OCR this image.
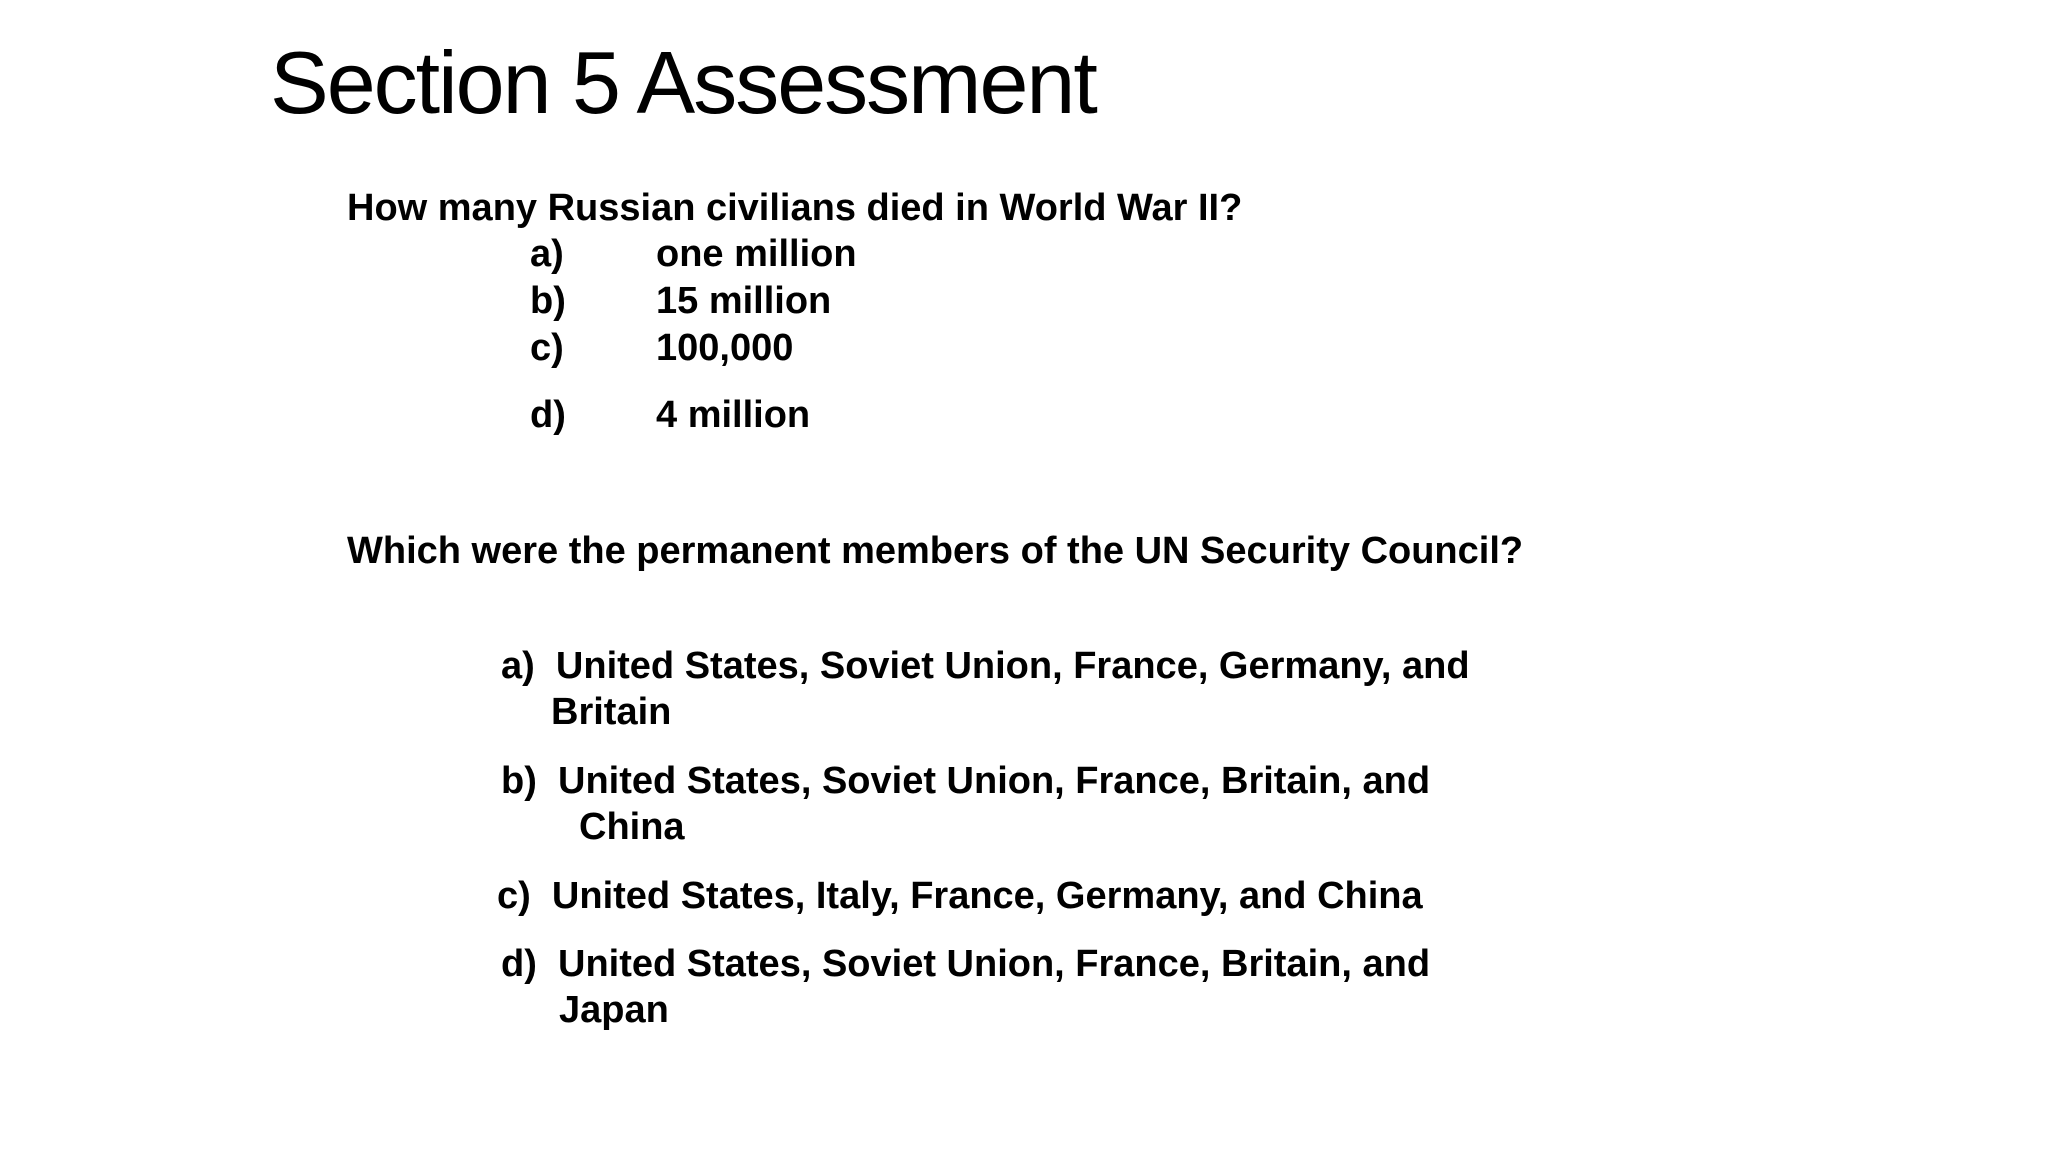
Section 5 Assessment

How many Russian civilians died in World War II?

a) one million
b) 15 million
c) 100,000
d) 4 million

Which were the permanent members of the UN Security Council?

a) United States, Soviet Union, France, Germany, and
Britain
b) United States, Soviet Union, France, Britain, and
China
c) United States, Italy, France, Germany, and China
d) United States, Soviet Union, France, Britain, and
Japan
